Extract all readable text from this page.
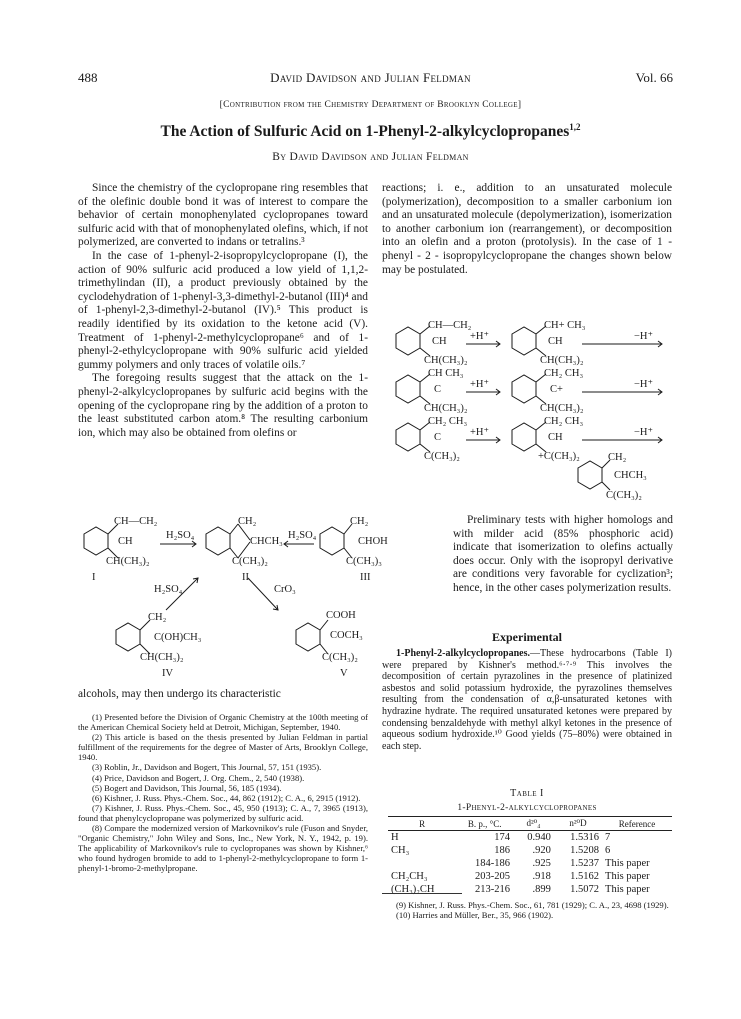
488	David Davidson and Julian Feldman	Vol. 66
[Contribution from the Chemistry Department of Brooklyn College]
The Action of Sulfuric Acid on 1-Phenyl-2-alkylcyclopropanes$^{1,2}$
By David Davidson and Julian Feldman

Since the chemistry of the cyclopropane ring resembles that of the olefinic double bond it was of interest to compare the behavior of certain monophenylated cyclopropanes toward sulfuric acid with that of monophenylated olefins, which, if not polymerized, are converted to indans or tetralins.³

In the case of 1-phenyl-2-isopropylcyclopropane (I), the action of 90% sulfuric acid produced a low yield of 1,1,2-trimethylindan (II), a product previously obtained by the cyclodehydration of 1-phenyl-3,3-dimethyl-2-butanol (III)⁴ and of 1-phenyl-2,3-dimethyl-2-butanol (IV).⁵ This product is readily identified by its oxidation to the ketone acid (V). Treatment of 1-phenyl-2-methylcyclopropane⁶ and of 1-phenyl-2-ethylcyclopropane with 90% sulfuric acid yielded gummy polymers and only traces of volatile oils.⁷

The foregoing results suggest that the attack on the 1-phenyl-2-alkylcyclopropanes by sulfuric acid begins with the opening of the cyclopropane ring by the addition of a proton to the least substituted carbon atom.⁸ The resulting carbonium ion, which may also be obtained from olefins or

reactions; i. e., addition to an unsaturated molecule (polymerization), decomposition to a smaller carbonium ion and an unsaturated molecule (depolymerization), isomerization to another carbonium ion (rearrangement), or decomposition into an olefin and a proton (protolysis). In the case of 1 - phenyl - 2 - isopropylcyclopropane the changes shown below may be postulated.

CH—CH₂
CH
CH(CH₃)₂
+H⁺
CH+ CH₃
CH
CH(CH₃)₂
−H⁺
CH CH₃
C
CH(CH₃)₂
+H⁺
CH₂ CH₃
C+
CH(CH₃)₂
−H⁺
CH₂ CH₃
C
C(CH₃)₂
+H⁺
CH₂ CH₃
CH
+C(CH₃)₂
−H⁺
CH₂
CHCH₃
C(CH₃)₂
CH—CH₂
CH
CH(CH₃)₂
I
H₂SO₄
CH₂
CHCH₃
C(CH₃)₂
II
H₂SO₄
CH₂
CHOH
C(CH₃)₃
III
H₂SO₄	CrO₃
CH₂
C(OH)CH₃
CH(CH₃)₂
IV
COOH
COCH₃
C(CH₃)₂
V

Preliminary tests with higher homologs and with milder acid (85% phosphoric acid) indicate that isomerization to olefins actually does occur. Only with the isopropyl derivative are conditions very favorable for cyclization³; hence, in the other cases polymerization results.

Experimental

1-Phenyl-2-alkylcyclopropanes.—These hydrocarbons (Table I) were prepared by Kishner's method.⁶·⁷·⁹ This involves the decomposition of certain pyrazolines in the presence of platinized asbestos and solid potassium hydroxide, the pyrazolines themselves resulting from the condensation of α,β-unsaturated ketones with hydrazine hydrate. The required unsaturated ketones were prepared by condensing benzaldehyde with methyl alkyl ketones in the presence of aqueous sodium hydroxide.¹⁰ Good yields (75–80%) were obtained in each step.

alcohols, may then undergo its characteristic

(1) Presented before the Division of Organic Chemistry at the 100th meeting of the American Chemical Society held at Detroit, Michigan, September, 1940.

(2) This article is based on the thesis presented by Julian Feldman in partial fulfillment of the requirements for the degree of Master of Arts, Brooklyn College, 1940.

(3) Roblin, Jr., Davidson and Bogert, This Journal, 57, 151 (1935).

(4) Price, Davidson and Bogert, J. Org. Chem., 2, 540 (1938).

(5) Bogert and Davidson, This Journal, 56, 185 (1934).

(6) Kishner, J. Russ. Phys.-Chem. Soc., 44, 862 (1912); C. A., 6, 2915 (1912).

(7) Kishner, J. Russ. Phys.-Chem. Soc., 45, 950 (1913); C. A., 7, 3965 (1913), found that phenylcyclopropane was polymerized by sulfuric acid.

(8) Compare the modernized version of Markovnikov's rule (Fuson and Snyder, "Organic Chemistry," John Wiley and Sons, Inc., New York, N. Y., 1942, p. 19). The applicability of Markovnikov's rule to cyclopropanes was shown by Kishner,⁶ who found hydrogen bromide to add to 1-phenyl-2-methylcyclopropane to form 1-phenyl-1-bromo-2-methylpropane.

Table I
1-Phenyl-2-alkylcyclopropanes
R	B. p., °C.	d²⁰₄	n²⁰D	Reference
H	174	0.940	1.5316	7
CH₃	186	.920	1.5208	6
	184-186	.925	1.5237	This paper
CH₂CH₃	203-205	.918	1.5162	This paper
(CH₃)₂CH	213-216	.899	1.5072	This paper

(9) Kishner, J. Russ. Phys.-Chem. Soc., 61, 781 (1929); C. A., 23, 4698 (1929).

(10) Harries and Müller, Ber., 35, 966 (1902).
